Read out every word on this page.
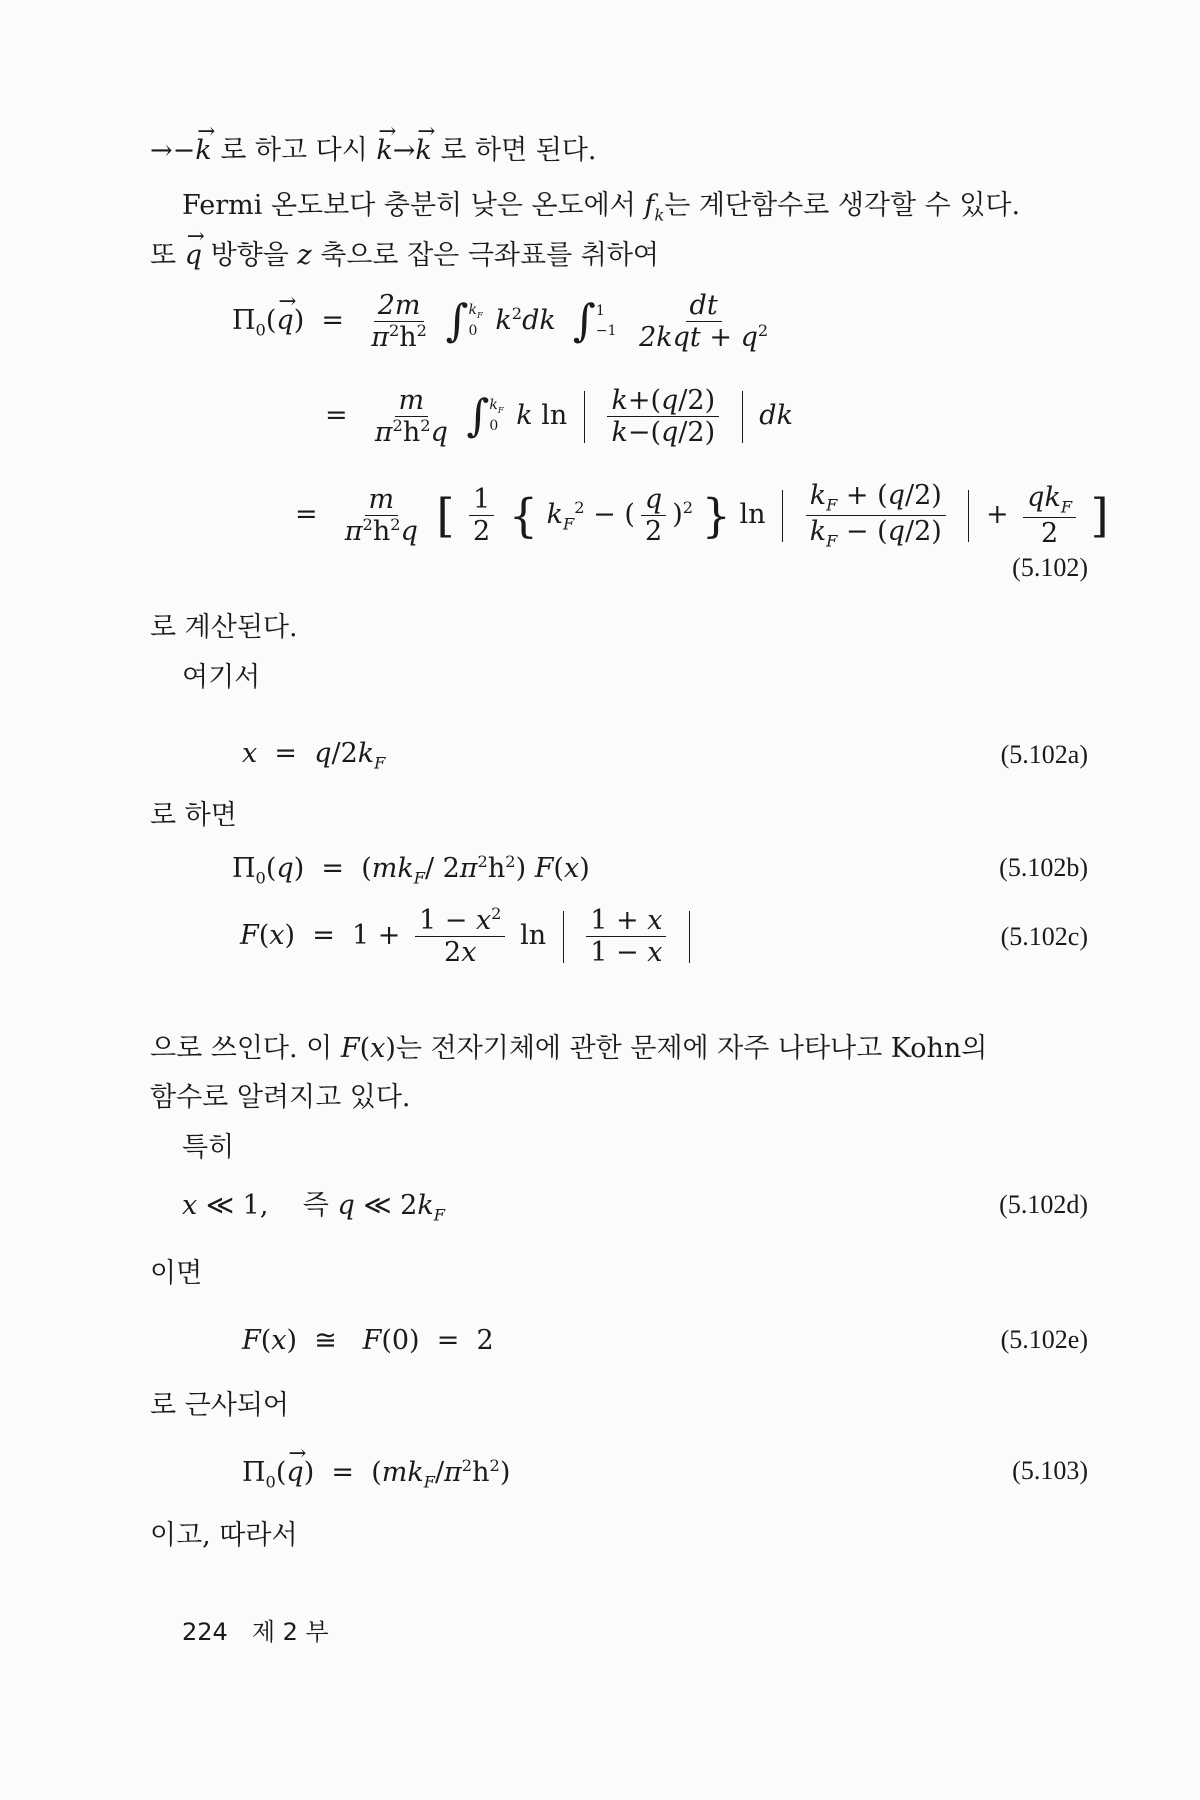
→−→ k 로 하고 다시 → k→→ k 로 하면 된다.
Fermi 온도보다 충분히 낮은 온도에서 $f_k$는 계단함수로 생각할 수 있다.
또 → q 방향을 z 축으로 잡은 극좌표를 취하여
$\Pi_0(\to q) = \frac{2m}{\pi^2h^2}$ ∫ $k_F$
0 $k^2dk$ ∫ 1
−1
$\frac{dt}{2kqt + q^2}$
= $\frac{m}{\pi^2h^2q}$ ∫ $k_F$
0 k $\ln \frac{k+(q/2)}{k-(q/2)}$ dk
= $\frac{m}{\pi^2h^2q}$ [ $\frac{1}{2}$ { $k_F^2$ − ( $\frac{q}{2} )^2$ } $\ln \frac{k_F + (q/2)}{k_F - (q/2)} + \frac{qk_F}{2}$ ]
(5.102)
로 계산된다.
여기서
$x = q/2k_F$	(5.102a)
로 하면
$\Pi_0(q) = (mk_F/$ $2\pi^2h^2$) F(x)	(5.102b)
$F(x) = 1 + \frac{1 - x^2}{2x}$ $\ln \frac{1 + x}{1 - x}$
	(5.102c)
으로 쓰인다. 이 F(x)는 전자기체에 관한 문제에 자주 나타나고 Kohn의
함수로 알려지고 있다.
특히
x ≪ 1,    즉 q ≪ $2k_F$	(5.102d)
이면
F(x)  ≅   F(0)  =  2	(5.102e)
로 근사되어
$\Pi_0(\to q) = (mk_F/\pi^2h^2)$	(5.103)
이고, 따라서
224 제 2 부
